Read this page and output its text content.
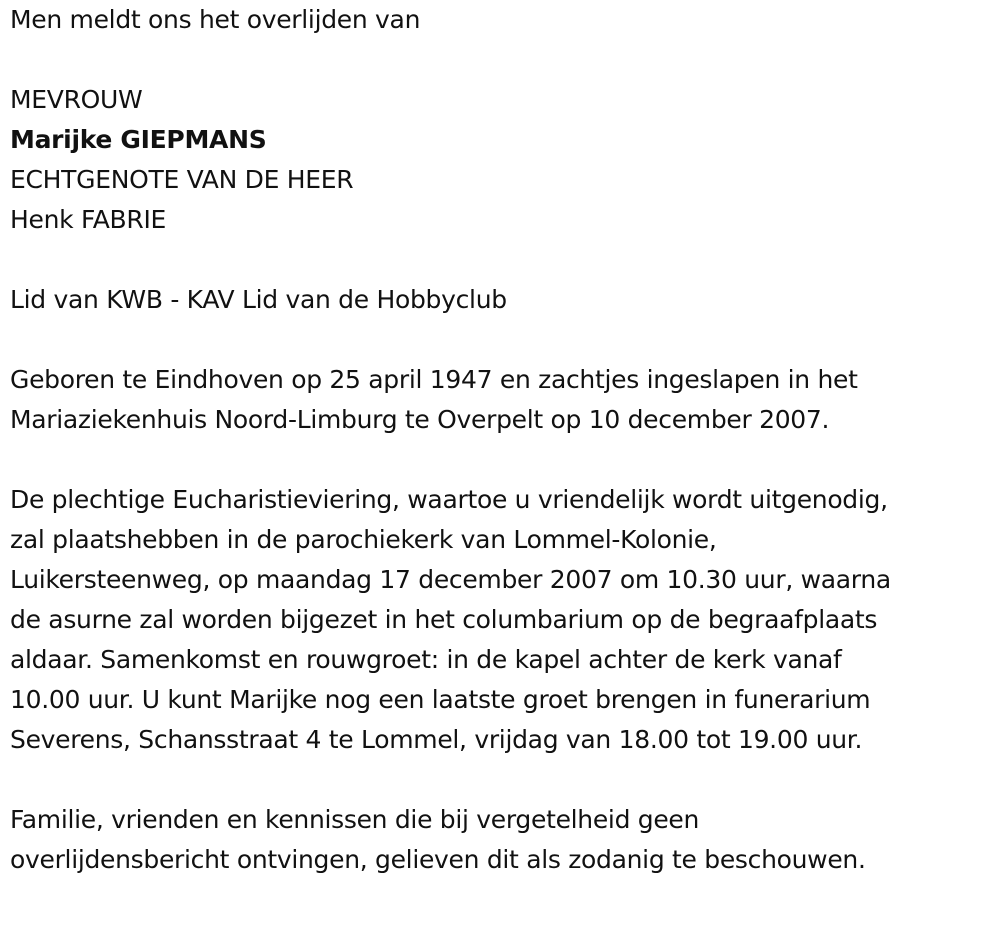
Men meldt ons het overlijden van
MEVROUW
Marijke GIEPMANS
ECHTGENOTE VAN DE HEER
Henk FABRIE
Lid van KWB - KAV Lid van de Hobbyclub
Geboren te Eindhoven op 25 april 1947 en zachtjes ingeslapen in het
Mariaziekenhuis Noord-Limburg te Overpelt op 10 december 2007.
De plechtige Eucharistieviering, waartoe u vriendelijk wordt uitgenodig,
zal plaatshebben in de parochiekerk van Lommel-Kolonie,
Luikersteenweg, op maandag 17 december 2007 om 10.30 uur, waarna
de asurne zal worden bijgezet in het columbarium op de begraafplaats
aldaar. Samenkomst en rouwgroet: in de kapel achter de kerk vanaf
10.00 uur. U kunt Marijke nog een laatste groet brengen in funerarium
Severens, Schansstraat 4 te Lommel, vrijdag van 18.00 tot 19.00 uur.
Familie, vrienden en kennissen die bij vergetelheid geen
overlijdensbericht ontvingen, gelieven dit als zodanig te beschouwen.
